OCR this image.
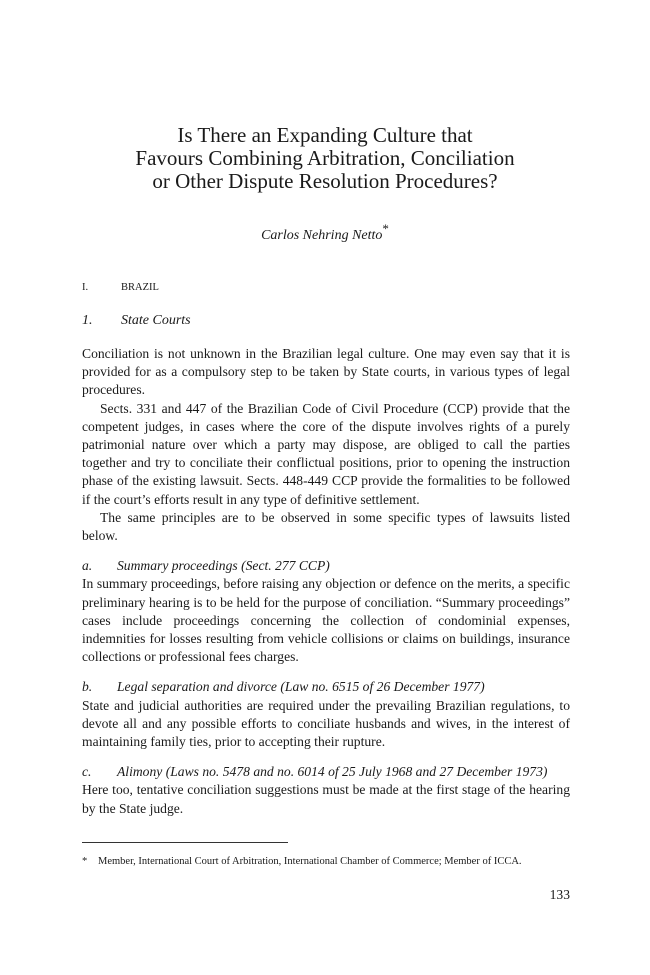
Is There an Expanding Culture that
Favours Combining Arbitration, Conciliation
or Other Dispute Resolution Procedures?
Carlos Nehring Netto*
I.	BRAZIL
1. State Courts

Conciliation is not unknown in the Brazilian legal culture. One may even say that it is provided for as a compulsory step to be taken by State courts, in various types of legal procedures.

Sects. 331 and 447 of the Brazilian Code of Civil Procedure (CCP) provide that the competent judges, in cases where the core of the dispute involves rights of a purely patrimonial nature over which a party may dispose, are obliged to call the parties together and try to conciliate their conflictual positions, prior to opening the instruction phase of the existing lawsuit. Sects. 448-449 CCP provide the formalities to be followed if the court’s efforts result in any type of definitive settlement.

The same principles are to be observed in some specific types of lawsuits listed below.

a. Summary proceedings (Sect. 277 CCP)

In summary proceedings, before raising any objection or defence on the merits, a specific preliminary hearing is to be held for the purpose of conciliation. “Summary proceedings” cases include proceedings concerning the collection of condominial expenses, indemnities for losses resulting from vehicle collisions or claims on buildings, insurance collections or professional fees charges.

b. Legal separation and divorce (Law no. 6515 of 26 December 1977)

State and judicial authorities are required under the prevailing Brazilian regulations, to devote all and any possible efforts to conciliate husbands and wives, in the interest of maintaining family ties, prior to accepting their rupture.

c. Alimony (Laws no. 5478 and no. 6014 of 25 July 1968 and 27 December 1973)

Here too, tentative conciliation suggestions must be made at the first stage of the hearing by the State judge.

* Member, International Court of Arbitration, International Chamber of Commerce; Member of ICCA.
133
